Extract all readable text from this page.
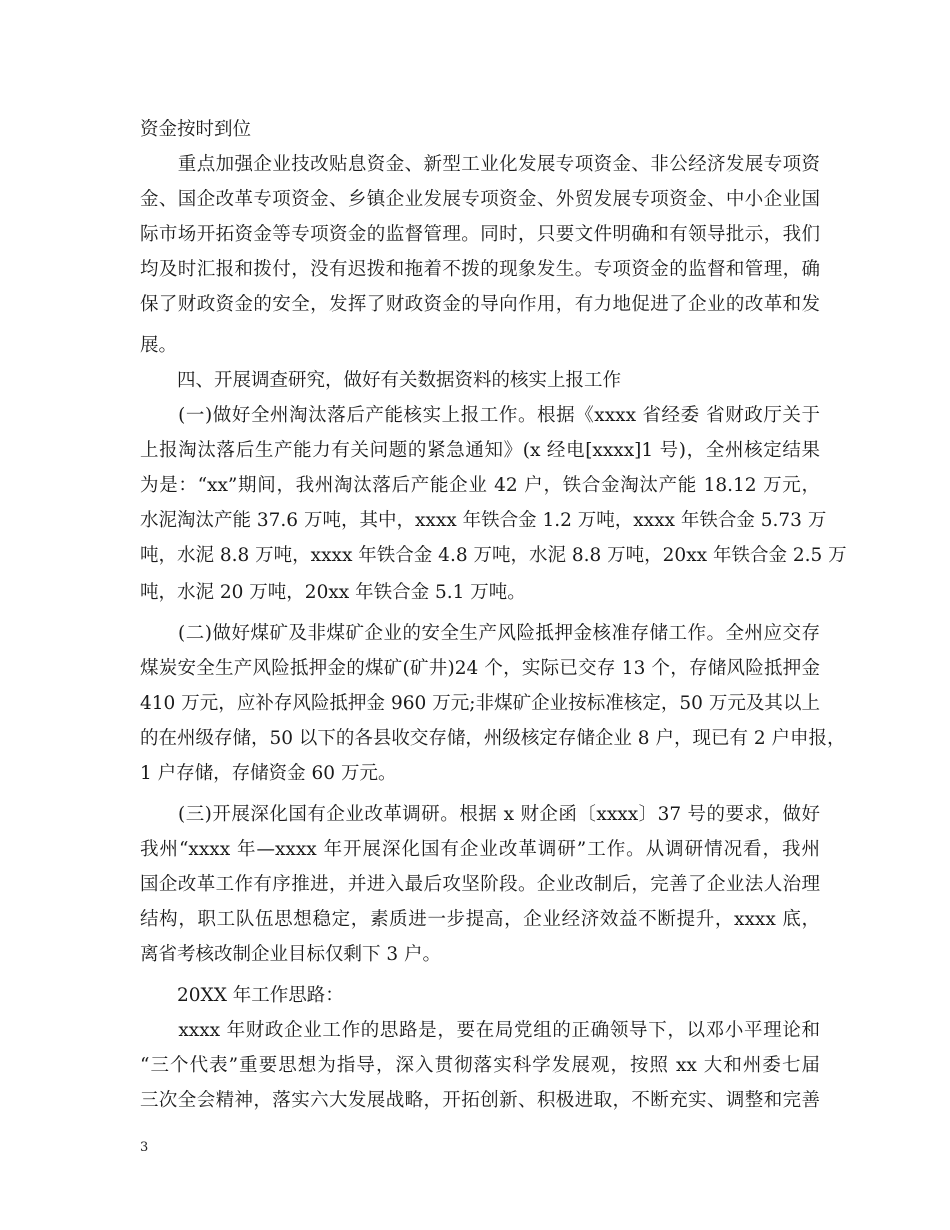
资金按时到位
　　重点加强企业技改贴息资金、新型工业化发展专项资金、非公经济发展专项资
金、国企改革专项资金、乡镇企业发展专项资金、外贸发展专项资金、中小企业国
际市场开拓资金等专项资金的监督管理。同时，只要文件明确和有领导批示，我们
均及时汇报和拨付，没有迟拨和拖着不拨的现象发生。专项资金的监督和管理，确
保了财政资金的安全，发挥了财政资金的导向作用，有力地促进了企业的改革和发
展。
　　四、开展调查研究，做好有关数据资料的核实上报工作
　　(一)做好全州淘汰落后产能核实上报工作。根据《xxxx 省经委 省财政厅关于
上报淘汰落后生产能力有关问题的紧急通知》(x 经电[xxxx]1 号)，全州核定结果
为是：“xx”期间，我州淘汰落后产能企业 42 户，铁合金淘汰产能 18.12 万元，
水泥淘汰产能 37.6 万吨，其中，xxxx 年铁合金 1.2 万吨，xxxx 年铁合金 5.73 万
吨，水泥 8.8 万吨，xxxx 年铁合金 4.8 万吨，水泥 8.8 万吨，20xx 年铁合金 2.5 万
吨，水泥 20 万吨，20xx 年铁合金 5.1 万吨。
　　(二)做好煤矿及非煤矿企业的安全生产风险抵押金核准存储工作。全州应交存
煤炭安全生产风险抵押金的煤矿(矿井)24 个，实际已交存 13 个，存储风险抵押金
410 万元，应补存风险抵押金 960 万元;非煤矿企业按标准核定，50 万元及其以上
的在州级存储，50 以下的各县收交存储，州级核定存储企业 8 户，现已有 2 户申报，
1 户存储，存储资金 60 万元。
　　(三)开展深化国有企业改革调研。根据 x 财企函〔xxxx〕37 号的要求，做好
我州“xxxx 年—xxxx 年开展深化国有企业改革调研”工作。从调研情况看，我州
国企改革工作有序推进，并进入最后攻坚阶段。企业改制后，完善了企业法人治理
结构，职工队伍思想稳定，素质进一步提高，企业经济效益不断提升，xxxx 底，
离省考核改制企业目标仅剩下 3 户。
　　20XX 年工作思路：
　　xxxx 年财政企业工作的思路是，要在局党组的正确领导下，以邓小平理论和
“三个代表”重要思想为指导，深入贯彻落实科学发展观，按照 xx 大和州委七届
三次全会精神，落实六大发展战略，开拓创新、积极进取，不断充实、调整和完善
3
